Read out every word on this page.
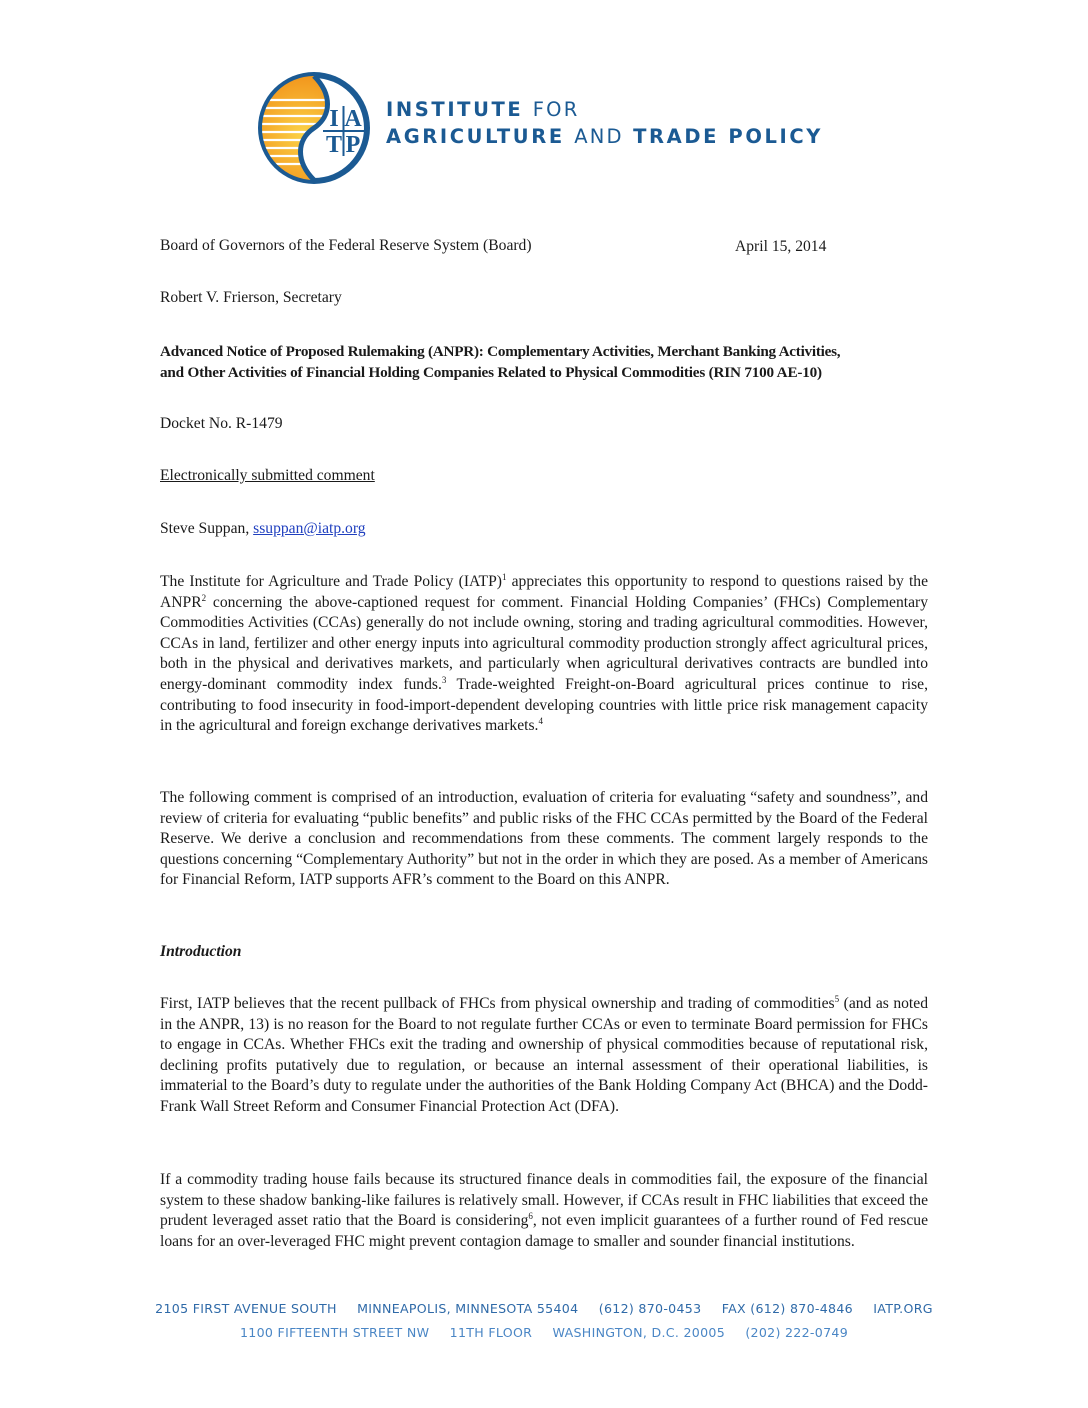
I A
T P
INSTITUTE FOR
AGRICULTURE AND TRADE POLICY
Board of Governors of the Federal Reserve System (Board)	April 15, 2014
Robert V. Frierson, Secretary
Advanced Notice of Proposed Rulemaking (ANPR): Complementary Activities, Merchant Banking Activities,
and Other Activities of Financial Holding Companies Related to Physical Commodities (RIN 7100 AE-10)
Docket No. R-1479
Electronically submitted comment
Steve Suppan, ssuppan@iatp.org
The Institute for Agriculture and Trade Policy (IATP)$^1$ appreciates this opportunity to respond to questions raised by the ANPR$^2$ concerning the above-captioned request for comment. Financial Holding Companies’ (FHCs) Complementary Commodities Activities (CCAs) generally do not include owning, storing and trading agricultural commodities. However, CCAs in land, fertilizer and other energy inputs into agricultural commodity production strongly affect agricultural prices, both in the physical and derivatives markets, and particularly when agricultural derivatives contracts are bundled into energy-dominant commodity index funds.$^3$ Trade-weighted Freight-on-Board agricultural prices continue to rise, contributing to food insecurity in food-import-dependent developing countries with little price risk management capacity in the agricultural and foreign exchange derivatives markets.$^4$
The following comment is comprised of an introduction, evaluation of criteria for evaluating “safety and soundness”, and review of criteria for evaluating “public benefits” and public risks of the FHC CCAs permitted by the Board of the Federal Reserve. We derive a conclusion and recommendations from these comments. The comment largely responds to the questions concerning “Complementary Authority” but not in the order in which they are posed. As a member of Americans for Financial Reform, IATP supports AFR’s comment to the Board on this ANPR.
Introduction
First, IATP believes that the recent pullback of FHCs from physical ownership and trading of commodities$^5$ (and as noted in the ANPR, 13) is no reason for the Board to not regulate further CCAs or even to terminate Board permission for FHCs to engage in CCAs. Whether FHCs exit the trading and ownership of physical commodities because of reputational risk, declining profits putatively due to regulation, or because an internal assessment of their operational liabilities, is immaterial to the Board’s duty to regulate under the authorities of the Bank Holding Company Act (BHCA) and the Dodd-Frank Wall Street Reform and Consumer Financial Protection Act (DFA).
If a commodity trading house fails because its structured finance deals in commodities fail, the exposure of the financial system to these shadow banking-like failures is relatively small. However, if CCAs result in FHC liabilities that exceed the prudent leveraged asset ratio that the Board is considering$^6$, not even implicit guarantees of a further round of Fed rescue loans for an over-leveraged FHC might prevent contagion damage to smaller and sounder financial institutions.
2105 FIRST AVENUE SOUTH MINNEAPOLIS, MINNESOTA 55404 (612) 870-0453 FAX (612) 870-4846 IATP.ORG
1100 FIFTEENTH STREET NW 11TH FLOOR WASHINGTON, D.C. 20005 (202) 222-0749
